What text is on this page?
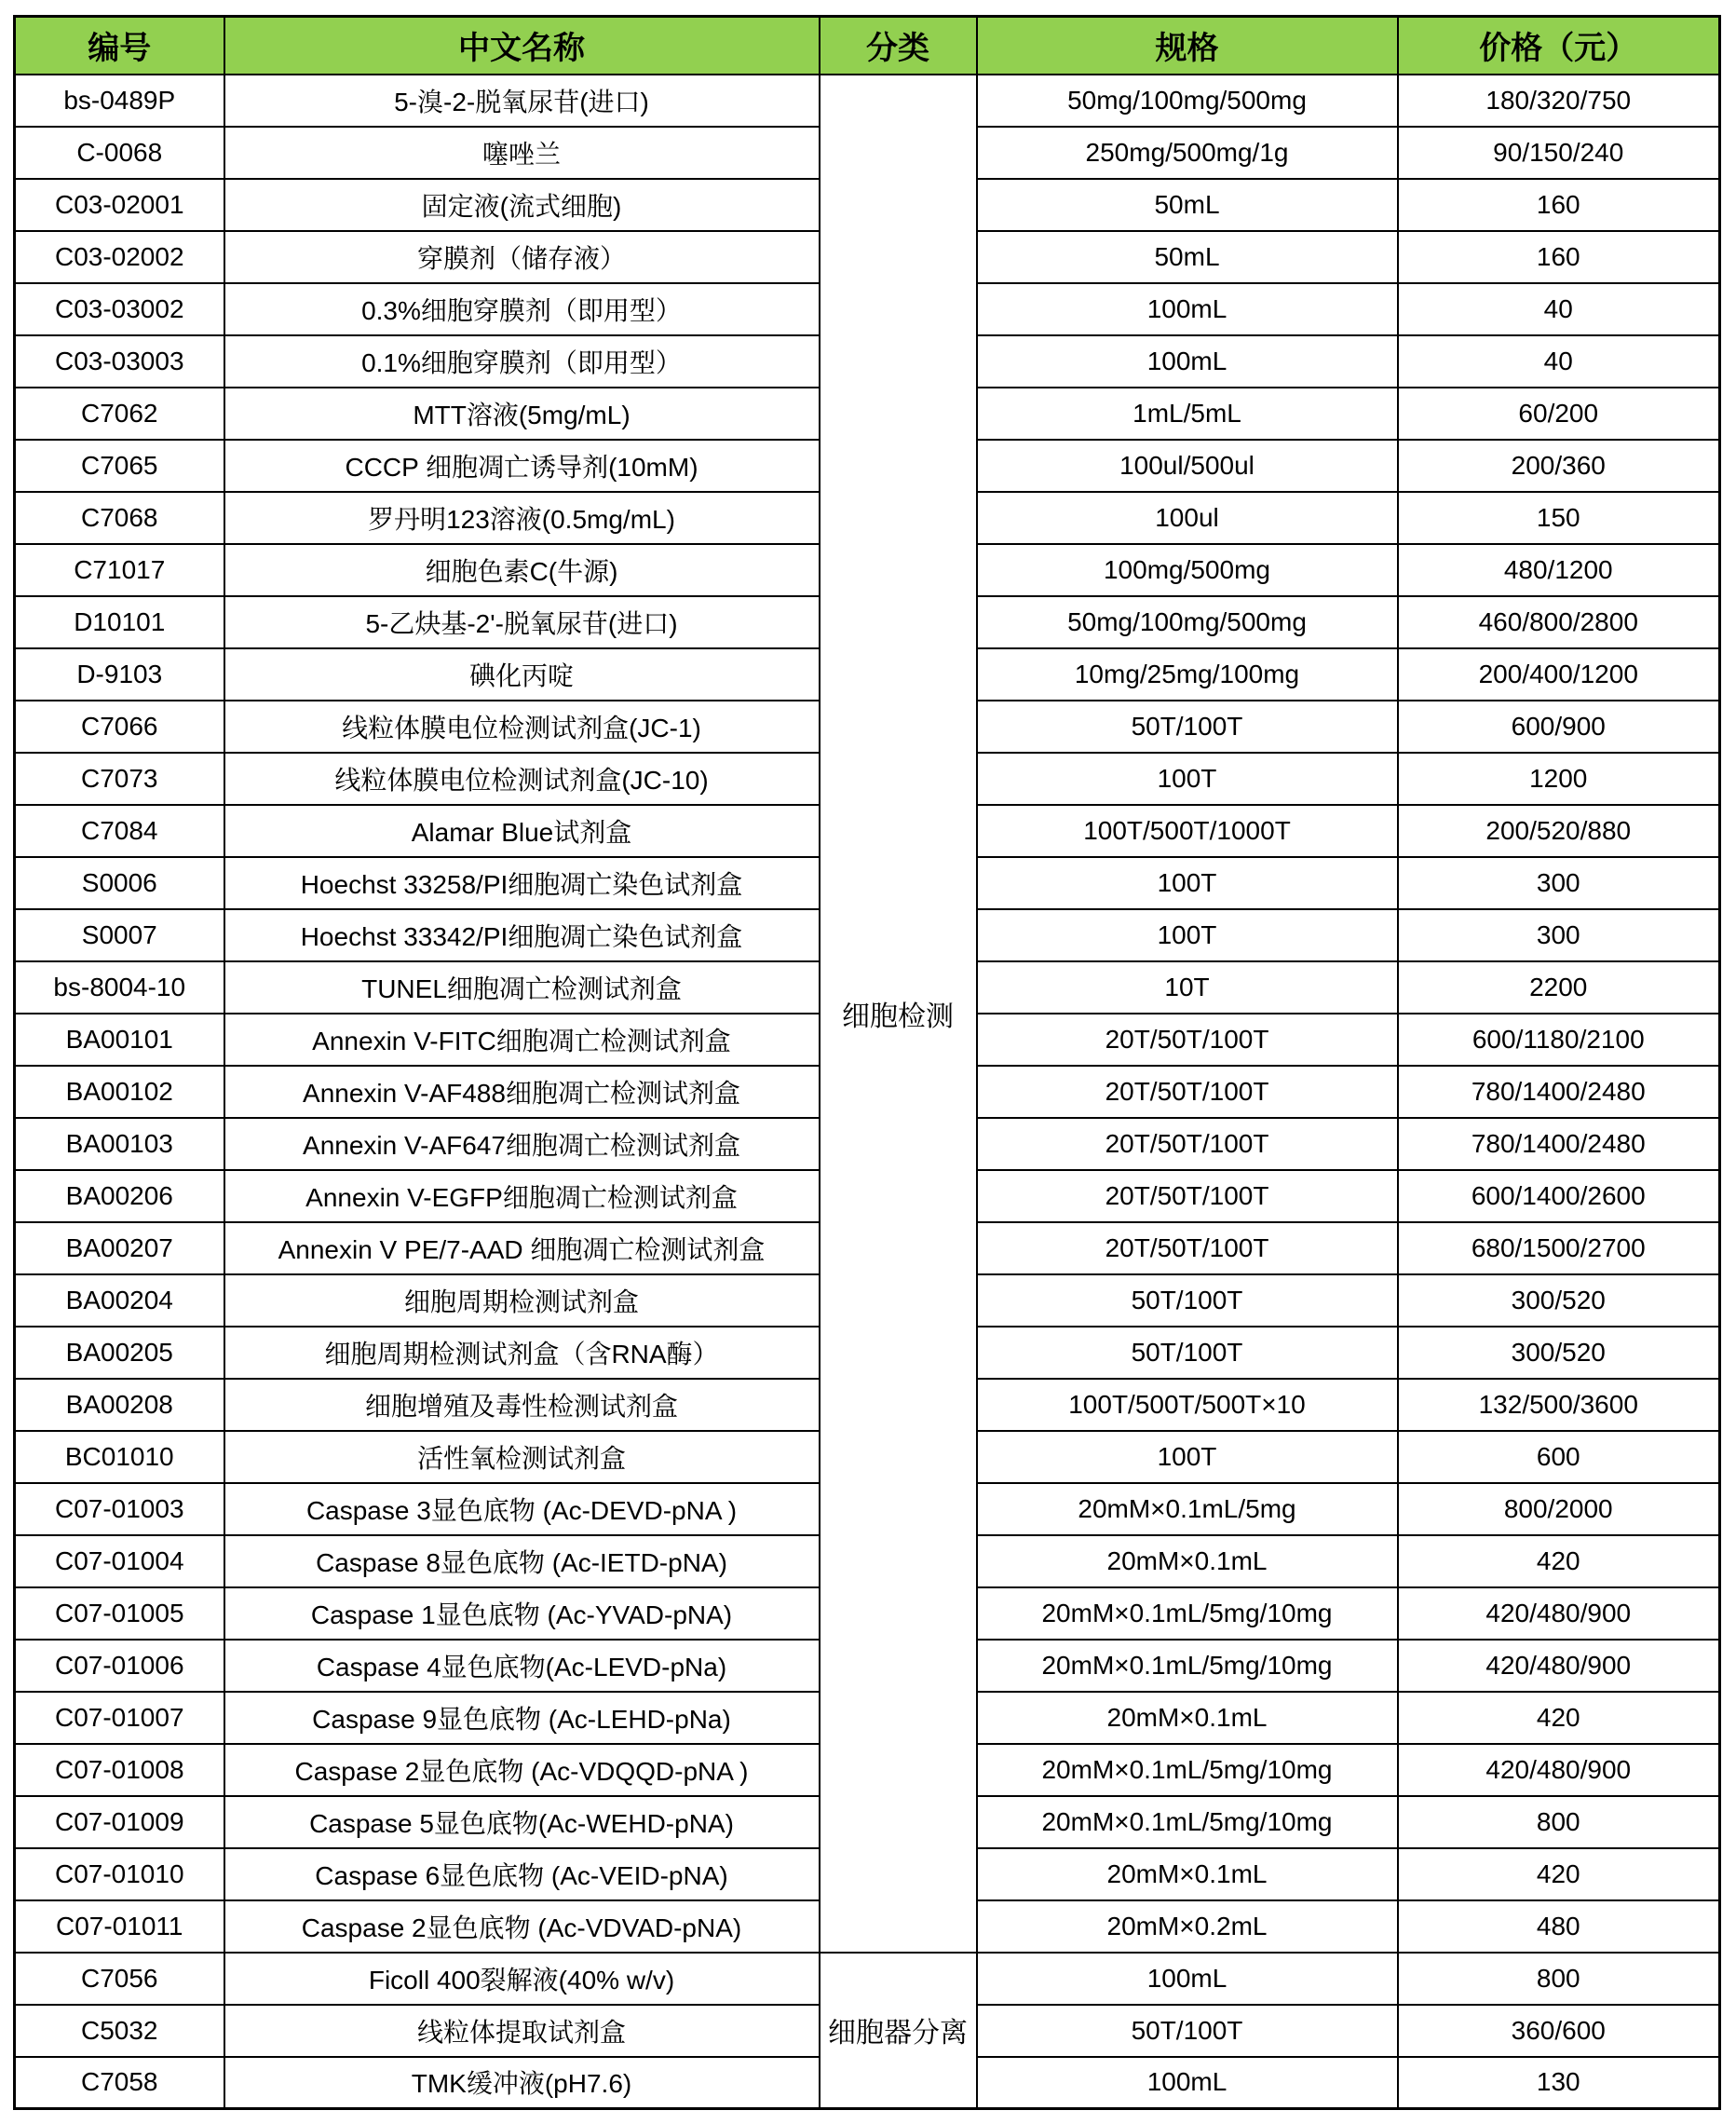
编号	中文名称	分类	规格	价格（元）
bs-0489P	5-溴-2-脱氧尿苷(进口)	细胞检测	50mg/100mg/500mg	180/320/750
C-0068	噻唑兰		250mg/500mg/1g	90/150/240
C03-02001	固定液(流式细胞)		50mL	160
C03-02002	穿膜剂（储存液）		50mL	160
C03-03002	0.3%细胞穿膜剂（即用型）		100mL	40
C03-03003	0.1%细胞穿膜剂（即用型）		100mL	40
C7062	MTT溶液(5mg/mL)		1mL/5mL	60/200
C7065	CCCP 细胞凋亡诱导剂(10mM)		100ul/500ul	200/360
C7068	罗丹明123溶液(0.5mg/mL)		100ul	150
C71017	细胞色素C(牛源)		100mg/500mg	480/1200
D10101	5-乙炔基-2'-脱氧尿苷(进口)		50mg/100mg/500mg	460/800/2800
D-9103	碘化丙啶		10mg/25mg/100mg	200/400/1200
C7066	线粒体膜电位检测试剂盒(JC-1)		50T/100T	600/900
C7073	线粒体膜电位检测试剂盒(JC-10)		100T	1200
C7084	Alamar Blue试剂盒		100T/500T/1000T	200/520/880
S0006	Hoechst 33258/PI细胞凋亡染色试剂盒		100T	300
S0007	Hoechst 33342/PI细胞凋亡染色试剂盒		100T	300
bs-8004-10	TUNEL细胞凋亡检测试剂盒		10T	2200
BA00101	Annexin V-FITC细胞凋亡检测试剂盒		20T/50T/100T	600/1180/2100
BA00102	Annexin V-AF488细胞凋亡检测试剂盒		20T/50T/100T	780/1400/2480
BA00103	Annexin V-AF647细胞凋亡检测试剂盒		20T/50T/100T	780/1400/2480
BA00206	Annexin V-EGFP细胞凋亡检测试剂盒		20T/50T/100T	600/1400/2600
BA00207	Annexin V PE/7-AAD 细胞凋亡检测试剂盒		20T/50T/100T	680/1500/2700
BA00204	细胞周期检测试剂盒		50T/100T	300/520
BA00205	细胞周期检测试剂盒（含RNA酶）		50T/100T	300/520
BA00208	细胞增殖及毒性检测试剂盒		100T/500T/500T×10	132/500/3600
BC01010	活性氧检测试剂盒		100T	600
C07-01003	Caspase 3显色底物 (Ac-DEVD-pNA )		20mM×0.1mL/5mg	800/2000
C07-01004	Caspase 8显色底物 (Ac-IETD-pNA)		20mM×0.1mL	420
C07-01005	Caspase 1显色底物 (Ac-YVAD-pNA)		20mM×0.1mL/5mg/10mg	420/480/900
C07-01006	Caspase 4显色底物(Ac-LEVD-pNa)		20mM×0.1mL/5mg/10mg	420/480/900
C07-01007	Caspase 9显色底物 (Ac-LEHD-pNa)		20mM×0.1mL	420
C07-01008	Caspase 2显色底物 (Ac-VDQQD-pNA )		20mM×0.1mL/5mg/10mg	420/480/900
C07-01009	Caspase 5显色底物(Ac-WEHD-pNA)		20mM×0.1mL/5mg/10mg	800
C07-01010	Caspase 6显色底物 (Ac-VEID-pNA)		20mM×0.1mL	420
C07-01011	Caspase 2显色底物 (Ac-VDVAD-pNA)		20mM×0.2mL	480
C7056	Ficoll 400裂解液(40% w/v)	细胞器分离	100mL	800
C5032	线粒体提取试剂盒		50T/100T	360/600
C7058	TMK缓冲液(pH7.6)		100mL	130
